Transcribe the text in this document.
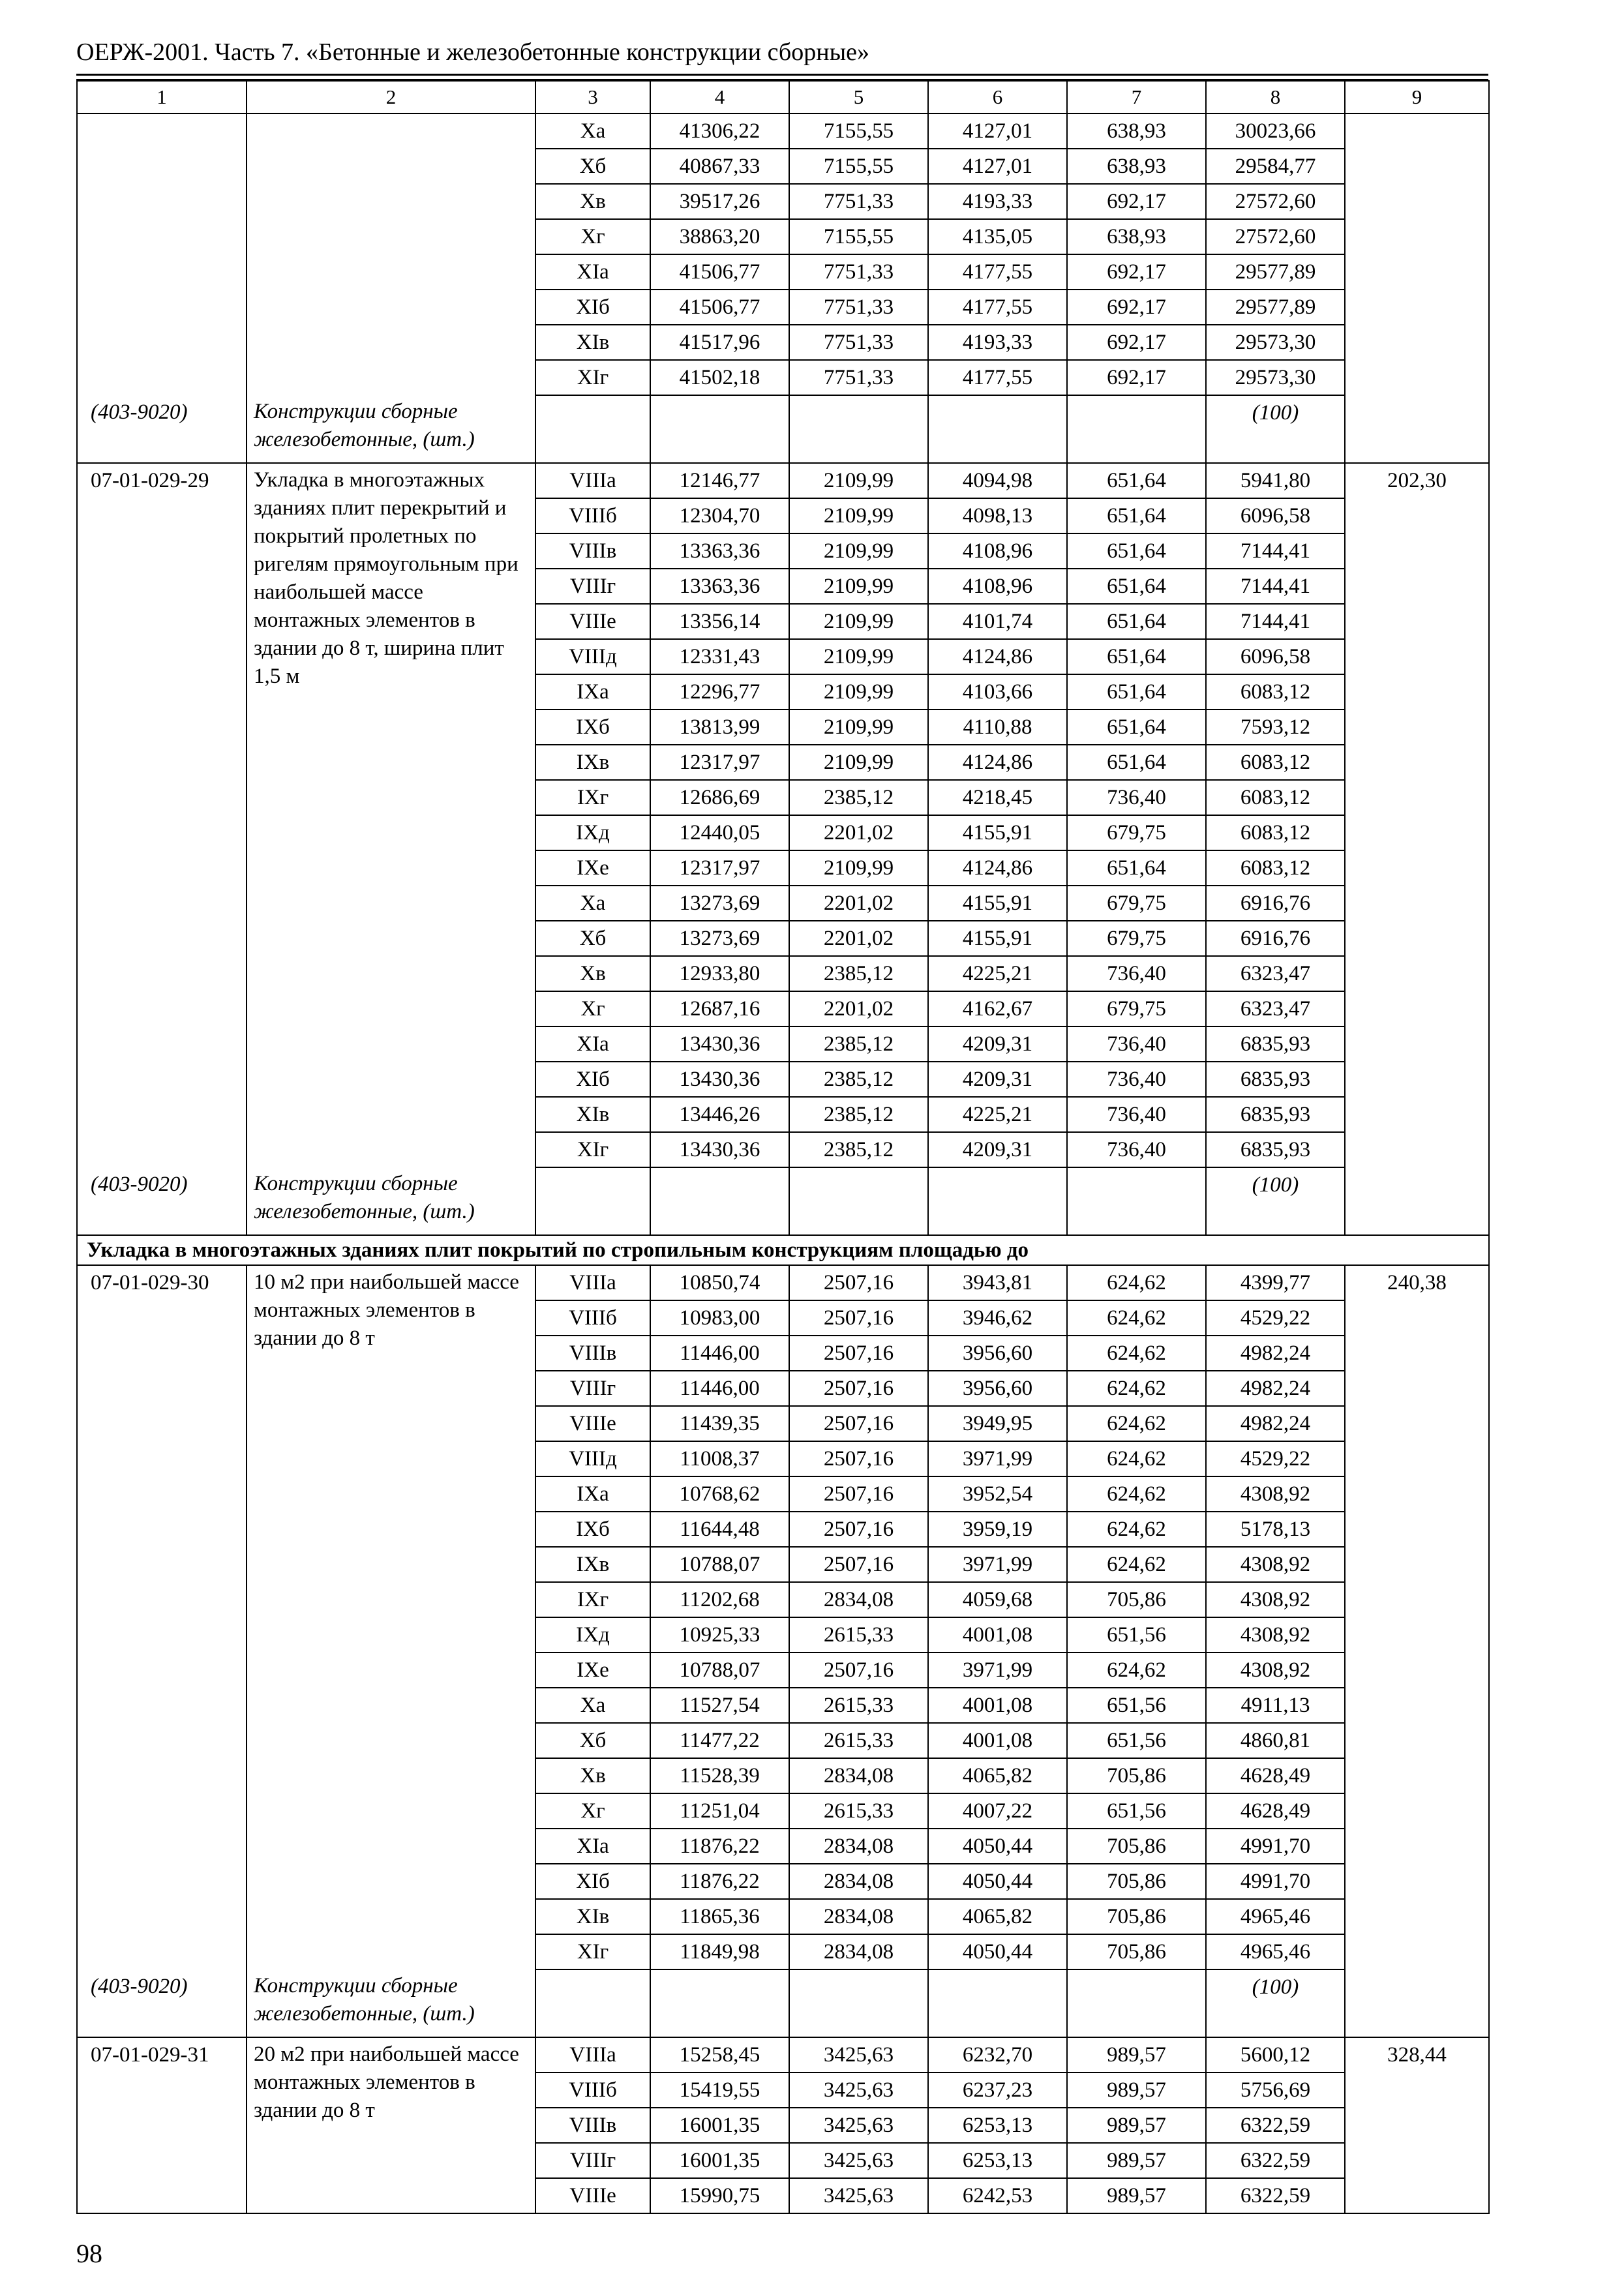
ОЕРЖ-2001. Часть 7. «Бетонные и железобетонные конструкции сборные»
1	2	3	4	5	6	7	8	9
		Xa	41306,22	7155,55	4127,01	638,93	30023,66	
		Xб	40867,33	7155,55	4127,01	638,93	29584,77	
		Xв	39517,26	7751,33	4193,33	692,17	27572,60	
		Xг	38863,20	7155,55	4135,05	638,93	27572,60	
		XIa	41506,77	7751,33	4177,55	692,17	29577,89	
		XIб	41506,77	7751,33	4177,55	692,17	29577,89	
		XIв	41517,96	7751,33	4193,33	692,17	29573,30	
		XIг	41502,18	7751,33	4177,55	692,17	29573,30	
(403-9020)	Конструкции сборные железобетонные, (шт.)						(100)	
07-01-029-29	Укладка в многоэтажных зданиях плит перекрытий и покрытий пролетных по ригелям прямоугольным при наибольшей массе монтажных элементов в здании до 8 т, ширина плит 1,5 м	VIIIa	12146,77	2109,99	4094,98	651,64	5941,80	202,30
		VIIIб	12304,70	2109,99	4098,13	651,64	6096,58	
		VIIIв	13363,36	2109,99	4108,96	651,64	7144,41	
		VIIIг	13363,36	2109,99	4108,96	651,64	7144,41	
		VIIIе	13356,14	2109,99	4101,74	651,64	7144,41	
		VIIIд	12331,43	2109,99	4124,86	651,64	6096,58	
		IXa	12296,77	2109,99	4103,66	651,64	6083,12	
		IXб	13813,99	2109,99	4110,88	651,64	7593,12	
		IXв	12317,97	2109,99	4124,86	651,64	6083,12	
		IXг	12686,69	2385,12	4218,45	736,40	6083,12	
		IXд	12440,05	2201,02	4155,91	679,75	6083,12	
		IXе	12317,97	2109,99	4124,86	651,64	6083,12	
		Xa	13273,69	2201,02	4155,91	679,75	6916,76	
		Xб	13273,69	2201,02	4155,91	679,75	6916,76	
		Xв	12933,80	2385,12	4225,21	736,40	6323,47	
		Xг	12687,16	2201,02	4162,67	679,75	6323,47	
		XIa	13430,36	2385,12	4209,31	736,40	6835,93	
		XIб	13430,36	2385,12	4209,31	736,40	6835,93	
		XIв	13446,26	2385,12	4225,21	736,40	6835,93	
		XIг	13430,36	2385,12	4209,31	736,40	6835,93	
(403-9020)	Конструкции сборные железобетонные, (шт.)						(100)	
Укладка в многоэтажных зданиях плит покрытий по стропильным конструкциям площадью до								
07-01-029-30	10 м2 при наибольшей массе монтажных элементов в здании до 8 т	VIIIa	10850,74	2507,16	3943,81	624,62	4399,77	240,38
		VIIIб	10983,00	2507,16	3946,62	624,62	4529,22	
		VIIIв	11446,00	2507,16	3956,60	624,62	4982,24	
		VIIIг	11446,00	2507,16	3956,60	624,62	4982,24	
		VIIIе	11439,35	2507,16	3949,95	624,62	4982,24	
		VIIIд	11008,37	2507,16	3971,99	624,62	4529,22	
		IXa	10768,62	2507,16	3952,54	624,62	4308,92	
		IXб	11644,48	2507,16	3959,19	624,62	5178,13	
		IXв	10788,07	2507,16	3971,99	624,62	4308,92	
		IXг	11202,68	2834,08	4059,68	705,86	4308,92	
		IXд	10925,33	2615,33	4001,08	651,56	4308,92	
		IXе	10788,07	2507,16	3971,99	624,62	4308,92	
		Xa	11527,54	2615,33	4001,08	651,56	4911,13	
		Xб	11477,22	2615,33	4001,08	651,56	4860,81	
		Xв	11528,39	2834,08	4065,82	705,86	4628,49	
		Xг	11251,04	2615,33	4007,22	651,56	4628,49	
		XIa	11876,22	2834,08	4050,44	705,86	4991,70	
		XIб	11876,22	2834,08	4050,44	705,86	4991,70	
		XIв	11865,36	2834,08	4065,82	705,86	4965,46	
		XIг	11849,98	2834,08	4050,44	705,86	4965,46	
(403-9020)	Конструкции сборные железобетонные, (шт.)						(100)	
07-01-029-31	20 м2 при наибольшей массе монтажных элементов в здании до 8 т	VIIIa	15258,45	3425,63	6232,70	989,57	5600,12	328,44
		VIIIб	15419,55	3425,63	6237,23	989,57	5756,69	
		VIIIв	16001,35	3425,63	6253,13	989,57	6322,59	
		VIIIг	16001,35	3425,63	6253,13	989,57	6322,59	
		VIIIе	15990,75	3425,63	6242,53	989,57	6322,59	
98
